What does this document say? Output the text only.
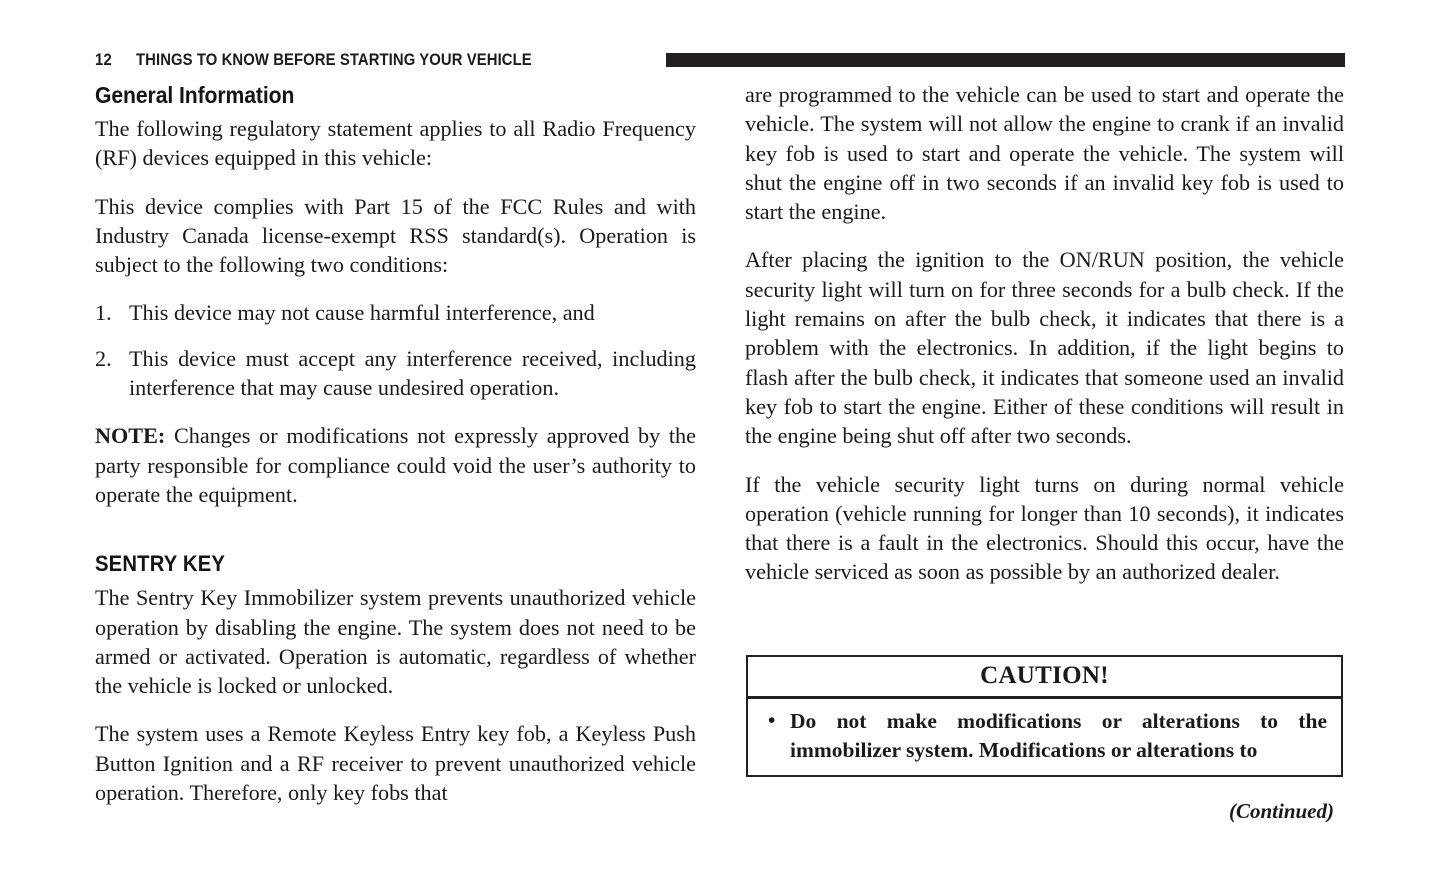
12 THINGS TO KNOW BEFORE STARTING YOUR VEHICLE
General Information

The following regulatory statement applies to all Radio Frequency (RF) devices equipped in this vehicle:

This device complies with Part 15 of the FCC Rules and with Industry Canada license-exempt RSS standard(s). Operation is subject to the following two conditions:

1. This device may not cause harmful interference, and
2. This device must accept any interference received, including interference that may cause undesired operation.

NOTE: Changes or modifications not expressly approved by the party responsible for compliance could void the user’s authority to operate the equipment.

SENTRY KEY

The Sentry Key Immobilizer system prevents unauthorized vehicle operation by disabling the engine. The system does not need to be armed or activated. Operation is automatic, regardless of whether the vehicle is locked or unlocked.

The system uses a Remote Keyless Entry key fob, a Keyless Push Button Ignition and a RF receiver to prevent unauthorized vehicle operation. Therefore, only key fobs that

are programmed to the vehicle can be used to start and operate the vehicle. The system will not allow the engine to crank if an invalid key fob is used to start and operate the vehicle. The system will shut the engine off in two seconds if an invalid key fob is used to start the engine.

After placing the ignition to the ON/RUN position, the vehicle security light will turn on for three seconds for a bulb check. If the light remains on after the bulb check, it indicates that there is a problem with the electronics. In addition, if the light begins to flash after the bulb check, it indicates that someone used an invalid key fob to start the engine. Either of these conditions will result in the engine being shut off after two seconds.

If the vehicle security light turns on during normal vehicle operation (vehicle running for longer than 10 seconds), it indicates that there is a fault in the electronics. Should this occur, have the vehicle serviced as soon as possible by an authorized dealer.

CAUTION!
• Do not make modifications or alterations to the immobilizer system. Modifications or alterations to
(Continued)
